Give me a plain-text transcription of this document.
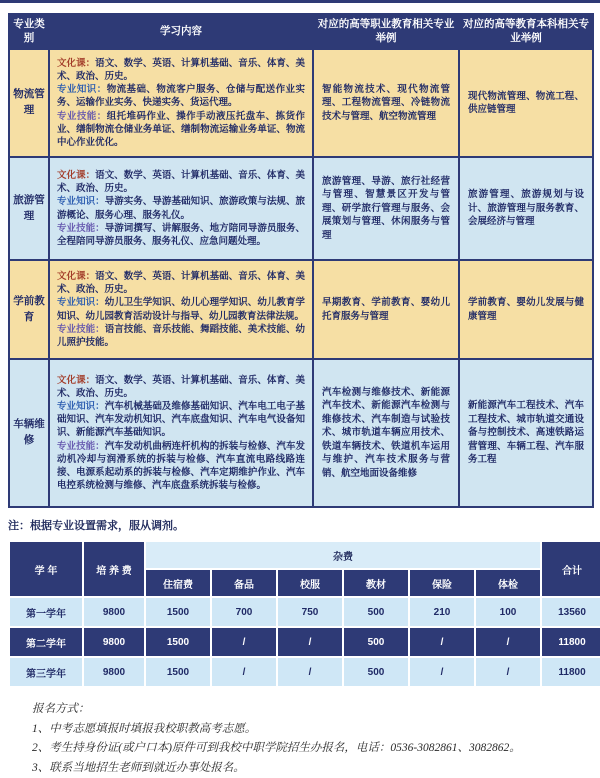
专业类别	学习内容	对应的高等职业教育相关专业举例	对应的高等教育本科相关专业举例
物流管理	文化课：语文、数学、英语、计算机基础、音乐、体育、美术、政治、历史。

专业知识：物流基础、物流客户服务、仓储与配送作业实务、运输作业实务、快递实务、货运代理。

专业技能：组托堆码作业、操作手动液压托盘车、拣货作业、缮制物流仓储业务单证、缮制物流运输业务单证、物流中心作业优化。	智能物流技术、现代物流管理、工程物流管理、冷链物流技术与管理、航空物流管理	现代物流管理、物流工程、供应链管理
旅游管理	文化课：语文、数学、英语、计算机基础、音乐、体育、美术、政治、历史。

专业知识：导游实务、导游基础知识、旅游政策与法规、旅游概论、服务心理、服务礼仪。

专业技能：导游词撰写、讲解服务、地方陪同导游员服务、全程陪同导游员服务、服务礼仪、应急问题处理。	旅游管理、导游、旅行社经营与管理、智慧景区开发与管理、研学旅行管理与服务、会展策划与管理、休闲服务与管理	旅游管理、旅游规划与设计、旅游管理与服务教育、会展经济与管理
学前教育	文化课：语文、数学、英语、计算机基础、音乐、体育、美术、政治、历史。

专业知识：幼儿卫生学知识、幼儿心理学知识、幼儿教育学知识、幼儿园教育活动设计与指导、幼儿园教育法律法规。

专业技能：语言技能、音乐技能、舞蹈技能、美术技能、幼儿照护技能。	早期教育、学前教育、婴幼儿托育服务与管理	学前教育、婴幼儿发展与健康管理
车辆维修	文化课：语文、数学、英语、计算机基础、音乐、体育、美术、政治、历史。

专业知识：汽车机械基础及维修基础知识、汽车电工电子基础知识、汽车发动机知识、汽车底盘知识、汽车电气设备知识、新能源汽车基础知识。

专业技能：汽车发动机曲柄连杆机构的拆装与检修、汽车发动机冷却与润滑系统的拆装与检修、汽车直流电路线路连接、电源系起动系的拆装与检修、汽车定期维护作业、汽车电控系统检测与维修、汽车底盘系统拆装与检修。	汽车检测与维修技术、新能源汽车技术、新能源汽车检测与维修技术、汽车制造与试验技术、城市轨道车辆应用技术、铁道车辆技术、铁道机车运用与维护、汽车技术服务与营销、航空地面设备维修	新能源汽车工程技术、汽车工程技术、城市轨道交通设备与控制技术、高速铁路运营管理、车辆工程、汽车服务工程

注：根据专业设置需求，服从调剂。

学 年	培 养 费	杂费						合计
		住宿费	备品	校服	教材	保险	体检	
第一学年	9800	1500	700	750	500	210	100	13560
第二学年	9800	1500	/	/	500	/	/	11800
第三学年	9800	1500	/	/	500	/	/	11800

报名方式：

1、中考志愿填报时填报我校职教高考志愿。

2、考生持身份证(或户口本)原件可到我校中职学院招生办报名，电话：0536-3082861、3082862。

3、联系当地招生老师到就近办事处报名。
